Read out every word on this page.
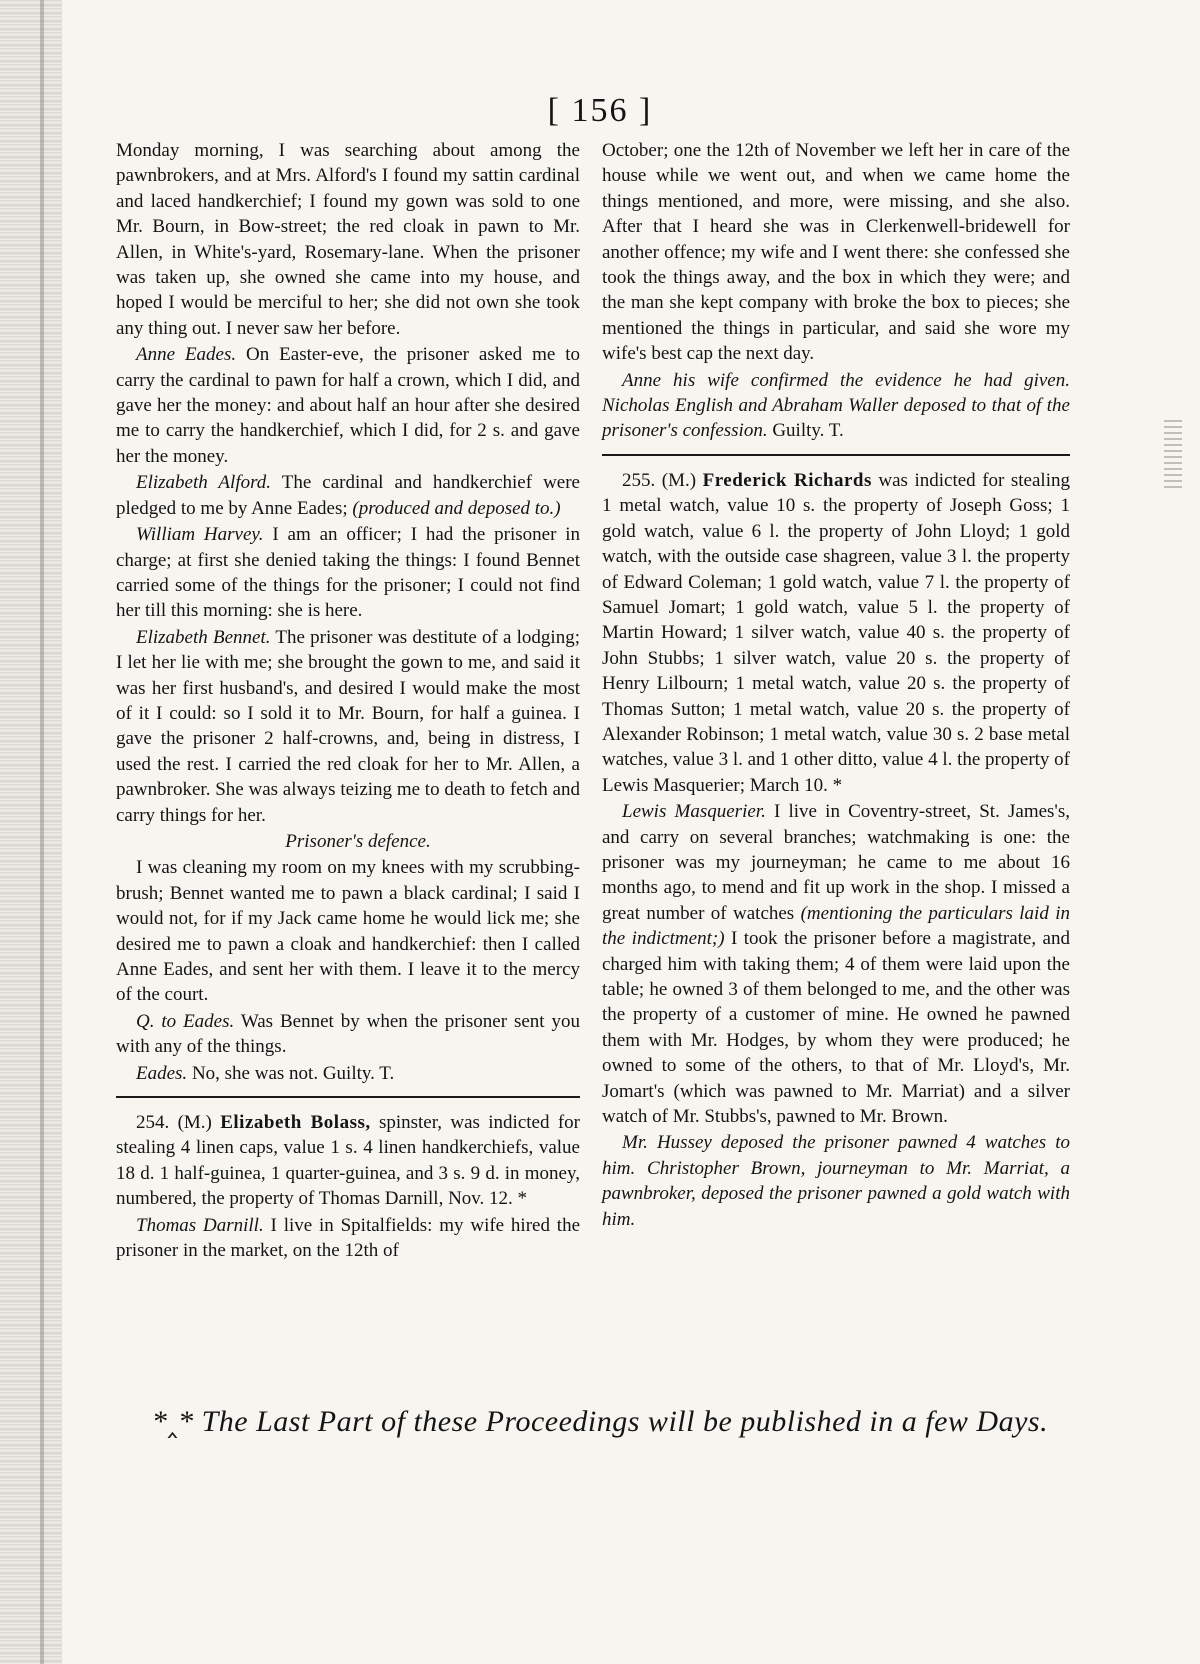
[ 156 ]

Monday morning, I was searching about among the pawnbrokers, and at Mrs. Alford's I found my sattin cardinal and laced handkerchief; I found my gown was sold to one Mr. Bourn, in Bow-street; the red cloak in pawn to Mr. Allen, in White's-yard, Rosemary-lane. When the prisoner was taken up, she owned she came into my house, and hoped I would be merciful to her; she did not own she took any thing out. I never saw her before.

Anne Eades. On Easter-eve, the prisoner asked me to carry the cardinal to pawn for half a crown, which I did, and gave her the money: and about half an hour after she desired me to carry the handkerchief, which I did, for 2 s. and gave her the money.

Elizabeth Alford. The cardinal and handkerchief were pledged to me by Anne Eades; (produced and deposed to.)

William Harvey. I am an officer; I had the prisoner in charge; at first she denied taking the things: I found Bennet carried some of the things for the prisoner; I could not find her till this morning: she is here.

Elizabeth Bennet. The prisoner was destitute of a lodging; I let her lie with me; she brought the gown to me, and said it was her first husband's, and desired I would make the most of it I could: so I sold it to Mr. Bourn, for half a guinea. I gave the prisoner 2 half-crowns, and, being in distress, I used the rest. I carried the red cloak for her to Mr. Allen, a pawnbroker. She was always teizing me to death to fetch and carry things for her.

Prisoner's defence.

I was cleaning my room on my knees with my scrubbing-brush; Bennet wanted me to pawn a black cardinal; I said I would not, for if my Jack came home he would lick me; she desired me to pawn a cloak and handkerchief: then I called Anne Eades, and sent her with them. I leave it to the mercy of the court.

Q. to Eades. Was Bennet by when the prisoner sent you with any of the things.

Eades. No, she was not. Guilty. T.

254. (M.) Elizabeth Bolass, spinster, was indicted for stealing 4 linen caps, value 1 s. 4 linen handkerchiefs, value 18 d. 1 half-guinea, 1 quarter-guinea, and 3 s. 9 d. in money, numbered, the property of Thomas Darnill, Nov. 12. *

Thomas Darnill. I live in Spitalfields: my wife hired the prisoner in the market, on the 12th of

October; one the 12th of November we left her in care of the house while we went out, and when we came home the things mentioned, and more, were missing, and she also. After that I heard she was in Clerkenwell-bridewell for another offence; my wife and I went there: she confessed she took the things away, and the box in which they were; and the man she kept company with broke the box to pieces; she mentioned the things in particular, and said she wore my wife's best cap the next day.

Anne his wife confirmed the evidence he had given. Nicholas English and Abraham Waller deposed to that of the prisoner's confession. Guilty. T.

255. (M.) Frederick Richards was indicted for stealing 1 metal watch, value 10 s. the property of Joseph Goss; 1 gold watch, value 6 l. the property of John Lloyd; 1 gold watch, with the outside case shagreen, value 3 l. the property of Edward Coleman; 1 gold watch, value 7 l. the property of Samuel Jomart; 1 gold watch, value 5 l. the property of Martin Howard; 1 silver watch, value 40 s. the property of John Stubbs; 1 silver watch, value 20 s. the property of Henry Lilbourn; 1 metal watch, value 20 s. the property of Thomas Sutton; 1 metal watch, value 20 s. the property of Alexander Robinson; 1 metal watch, value 30 s. 2 base metal watches, value 3 l. and 1 other ditto, value 4 l. the property of Lewis Masquerier; March 10. *

Lewis Masquerier. I live in Coventry-street, St. James's, and carry on several branches; watchmaking is one: the prisoner was my journeyman; he came to me about 16 months ago, to mend and fit up work in the shop. I missed a great number of watches (mentioning the particulars laid in the indictment;) I took the prisoner before a magistrate, and charged him with taking them; 4 of them were laid upon the table; he owned 3 of them belonged to me, and the other was the property of a customer of mine. He owned he pawned them with Mr. Hodges, by whom they were produced; he owned to some of the others, to that of Mr. Lloyd's, Mr. Jomart's (which was pawned to Mr. Marriat) and a silver watch of Mr. Stubbs's, pawned to Mr. Brown.

Mr. Hussey deposed the prisoner pawned 4 watches to him. Christopher Brown, journeyman to Mr. Marriat, a pawnbroker, deposed the prisoner pawned a gold watch with him.

*‸* The Last Part of these Proceedings will be published in a few Days.
